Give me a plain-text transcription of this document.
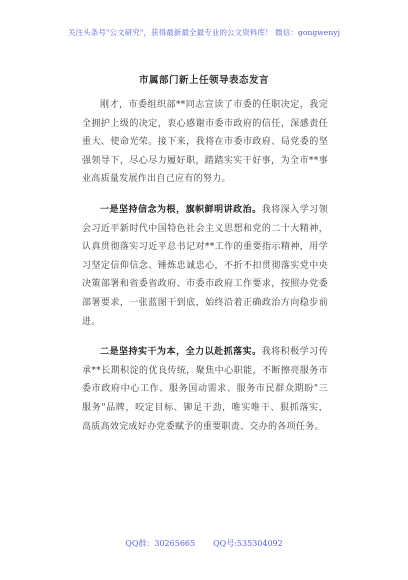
关注头条号"公文研究"，获得最新最全最专业的公文资料库！ 微信：gongwenyj
市属部门新上任领导表态发言

刚才，市委组织部**同志宣读了市委的任职决定，我完全拥护上级的决定，衷心感谢市委市政府的信任，深感责任重大、使命光荣。接下来，我将在市委市政府、局党委的坚强领导下，尽心尽力履好职，踏踏实实干好事，为全市**事业高质量发展作出自己应有的努力。

一是坚持信念为根，旗帜鲜明讲政治。我将深入学习领会习近平新时代中国特色社会主义思想和党的二十大精神，认真贯彻落实习近平总书记对**工作的重要指示精神，用学习坚定信仰信念、锤炼忠诚忠心，不折不扣贯彻落实党中央决策部署和省委省政府、市委市政府工作要求，按照办党委部署要求，一张蓝图干到底，始终沿着正确政治方向稳步前进。

二是坚持实干为本，全力以赴抓落实。我将积极学习传承**长期积淀的优良传统，聚焦中心职能，不断擦亮服务市委市政府中心工作、服务国动需求、服务市民群众期盼"三服务"品牌，咬定目标、铆足干劲，唯实唯干、狠抓落实，高质高效完成好办党委赋予的重要职责、交办的各项任务。

QQ群：30265665 QQ号:535304092
